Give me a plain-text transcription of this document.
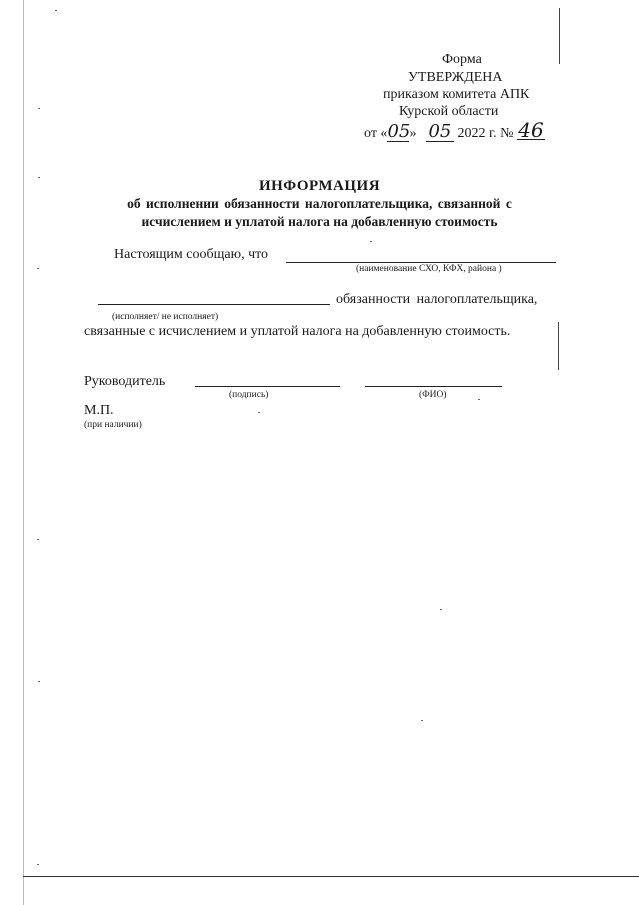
Форма
УТВЕРЖДЕНА
приказом комитета АПК
Курской области
от «05» 05 2022 г. № 46
ИНФОРМАЦИЯ
об исполнении обязанности налогоплательщика, связанной с
исчислением и уплатой налога на добавленную стоимость
Настоящим сообщаю, что
(наименование СХО, КФХ, района )
обязанности налогоплательщика,
(исполняет/ не исполняет)
связанные с исчислением и уплатой налога на добавленную стоимость.
Руководитель
(подпись)	(ФИО)
М.П.
(при наличии)
